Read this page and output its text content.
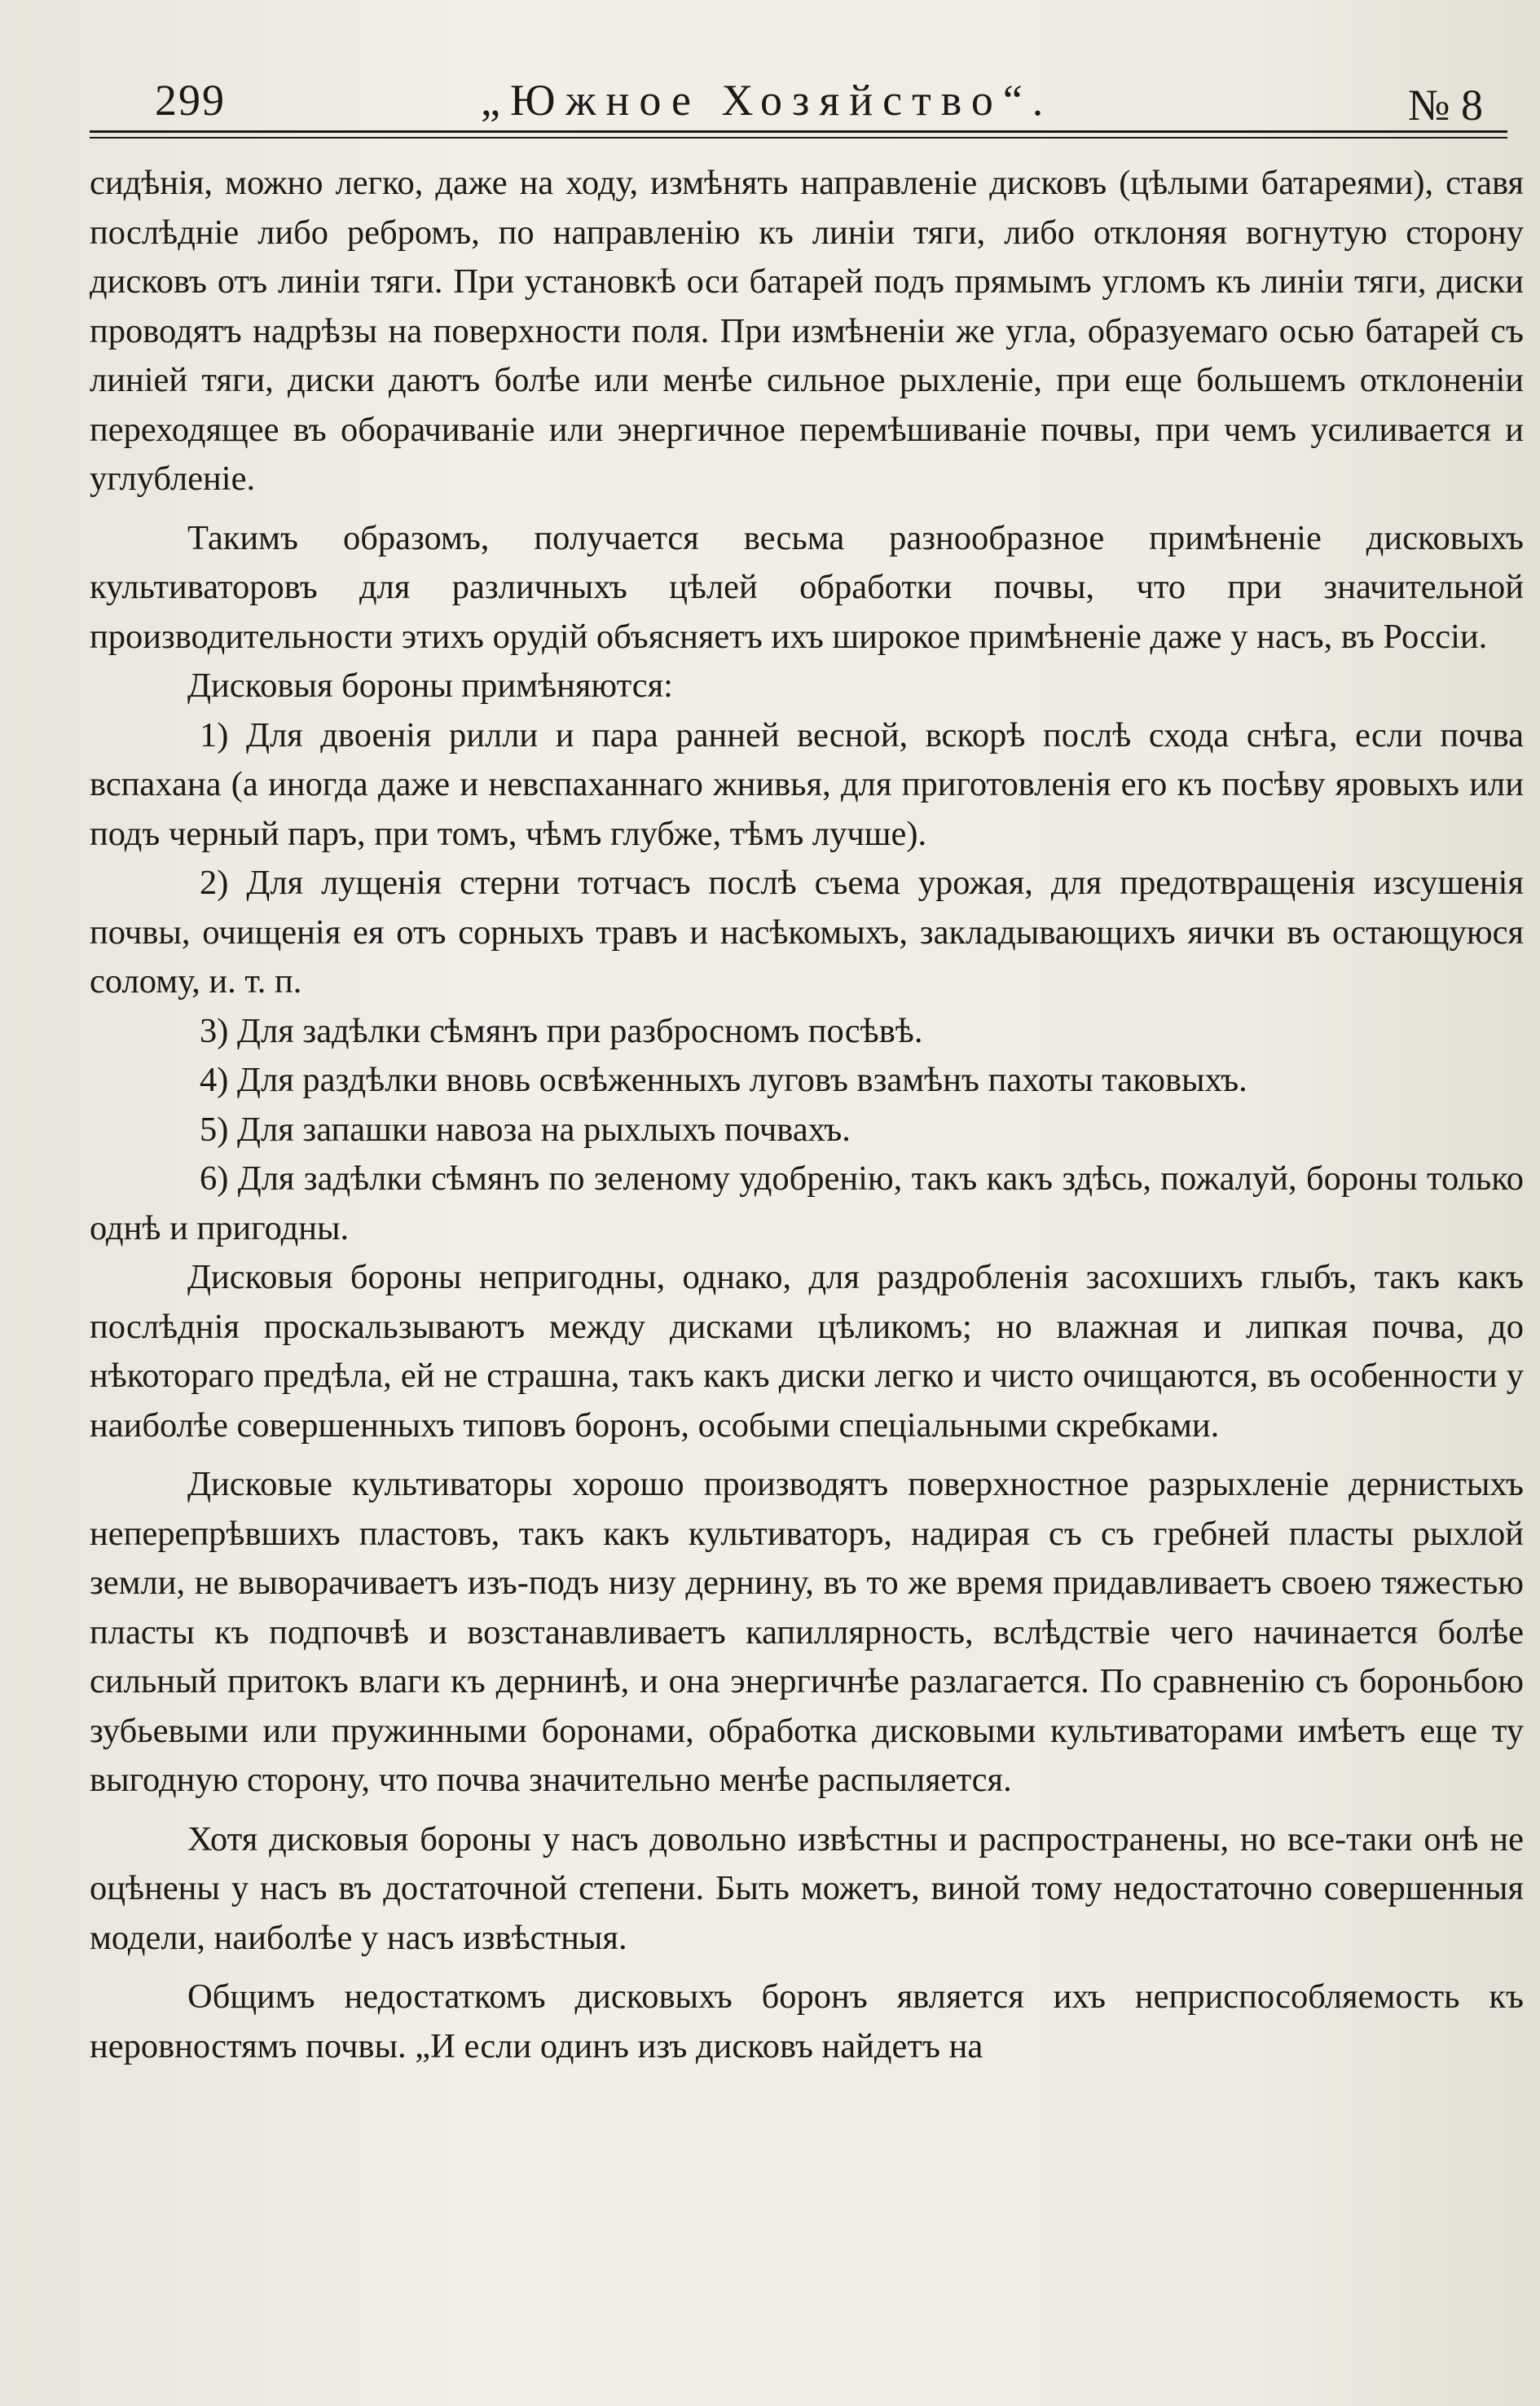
299	„Южное Хозяйство“.	№ 8

сидѣнія, можно легко, даже на ходу, измѣнять направленіе дисковъ (цѣлыми батареями), ставя послѣдніе либо ребромъ, по направленію къ линіи тяги, либо отклоняя вогнутую сторону дисковъ отъ линіи тяги. При установкѣ оси батарей подъ прямымъ угломъ къ линіи тяги, диски проводятъ надрѣзы на поверхности поля. При измѣненіи же угла, образуемаго осью батарей съ линіей тяги, диски даютъ болѣе или менѣе сильное рыхленіе, при еще большемъ отклоненіи переходящее въ оборачиваніе или энергичное перемѣшиваніе почвы, при чемъ усиливается и углубленіе.

Такимъ образомъ, получается весьма разнообразное примѣненіе дисковыхъ культиваторовъ для различныхъ цѣлей обработки почвы, что при значительной производительности этихъ орудій объясняетъ ихъ широкое примѣненіе даже у насъ, въ Россіи.

Дисковыя бороны примѣняются:

1) Для двоенія рилли и пара ранней весной, вскорѣ послѣ схода снѣга, если почва вспахана (а иногда даже и невспаханнаго жнивья, для приготовленія его къ посѣву яровыхъ или подъ черный паръ, при томъ, чѣмъ глубже, тѣмъ лучше).

2) Для лущенія стерни тотчасъ послѣ съема урожая, для предотвращенія изсушенія почвы, очищенія ея отъ сорныхъ травъ и насѣкомыхъ, закладывающихъ яички въ остающуюся солому, и. т. п.

3) Для задѣлки сѣмянъ при разбросномъ посѣвѣ.

4) Для раздѣлки вновь освѣженныхъ луговъ взамѣнъ пахоты таковыхъ.

5) Для запашки навоза на рыхлыхъ почвахъ.

6) Для задѣлки сѣмянъ по зеленому удобренію, такъ какъ здѣсь, пожалуй, бороны только однѣ и пригодны.

Дисковыя бороны непригодны, однако, для раздробленія засохшихъ глыбъ, такъ какъ послѣднія проскальзываютъ между дисками цѣликомъ; но влажная и липкая почва, до нѣкотораго предѣла, ей не страшна, такъ какъ диски легко и чисто очищаются, въ особенности у наиболѣе совершенныхъ типовъ боронъ, особыми спеціальными скребками.

Дисковые культиваторы хорошо производятъ поверхностное разрыхленіе дернистыхъ неперепрѣвшихъ пластовъ, такъ какъ культиваторъ, надирая съ съ гребней пласты рыхлой земли, не выворачиваетъ изъ-подъ низу дернину, въ то же время придавливаетъ своею тяжестью пласты къ подпочвѣ и возстанавливаетъ капиллярность, вслѣдствіе чего начинается болѣе сильный притокъ влаги къ дернинѣ, и она энергичнѣе разлагается. По сравненію съ бороньбою зубьевыми или пружинными боронами, обработка дисковыми культиваторами имѣетъ еще ту выгодную сторону, что почва значительно менѣе распыляется.

Хотя дисковыя бороны у насъ довольно извѣстны и распространены, но все-таки онѣ не оцѣнены у насъ въ достаточной степени. Быть можетъ, виной тому недостаточно совершенныя модели, наиболѣе у насъ извѣстныя.

Общимъ недостаткомъ дисковыхъ боронъ является ихъ неприспособляемость къ неровностямъ почвы. „И если одинъ изъ дисковъ найдетъ на
